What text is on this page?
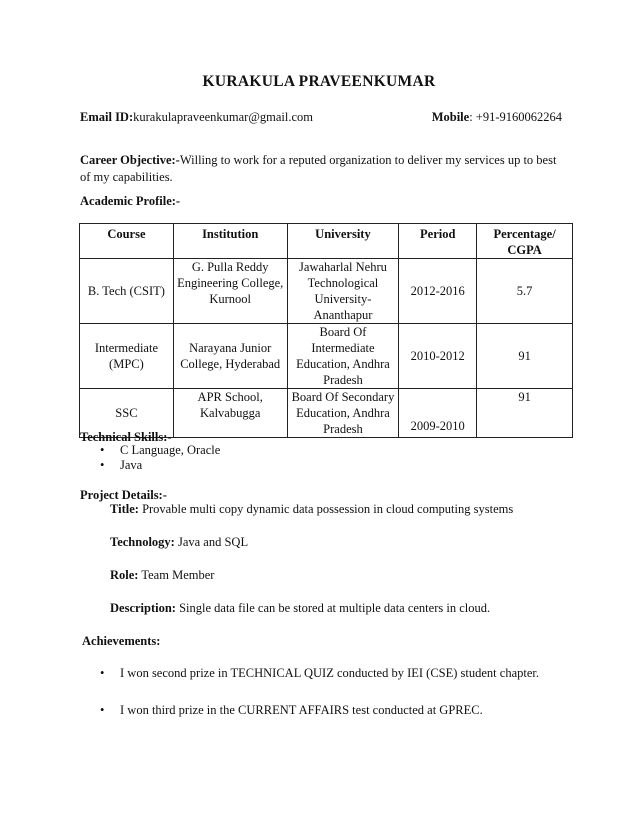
KURAKULA PRAVEENKUMAR
Email ID:kurakulapraveenkumar@gmail.com	Mobile: +91-9160062264
Career Objective:-Willing to work for a reputed organization to deliver my services up to best of my capabilities.
Academic Profile:-
Course	Institution	University	Period	Percentage/ CGPA
B. Tech (CSIT)	G. Pulla Reddy Engineering College, Kurnool	Jawaharlal Nehru Technological University- Ananthapur	2012-2016	5.7
Intermediate (MPC)	Narayana Junior College, Hyderabad	Board Of Intermediate Education, Andhra Pradesh	2010-2012	91
SSC	APR School, Kalvabugga	Board Of Secondary Education, Andhra Pradesh	2009-2010	91
Technical Skills:-
• C Language, Oracle
• Java
Project Details:-
Title: Provable multi copy dynamic data possession in cloud computing systems
Technology: Java and SQL
Role: Team Member
Description: Single data file can be stored at multiple data centers in cloud.
Achievements:
• I won second prize in TECHNICAL QUIZ conducted by IEI (CSE) student chapter.
• I won third prize in the CURRENT AFFAIRS test conducted at GPREC.
